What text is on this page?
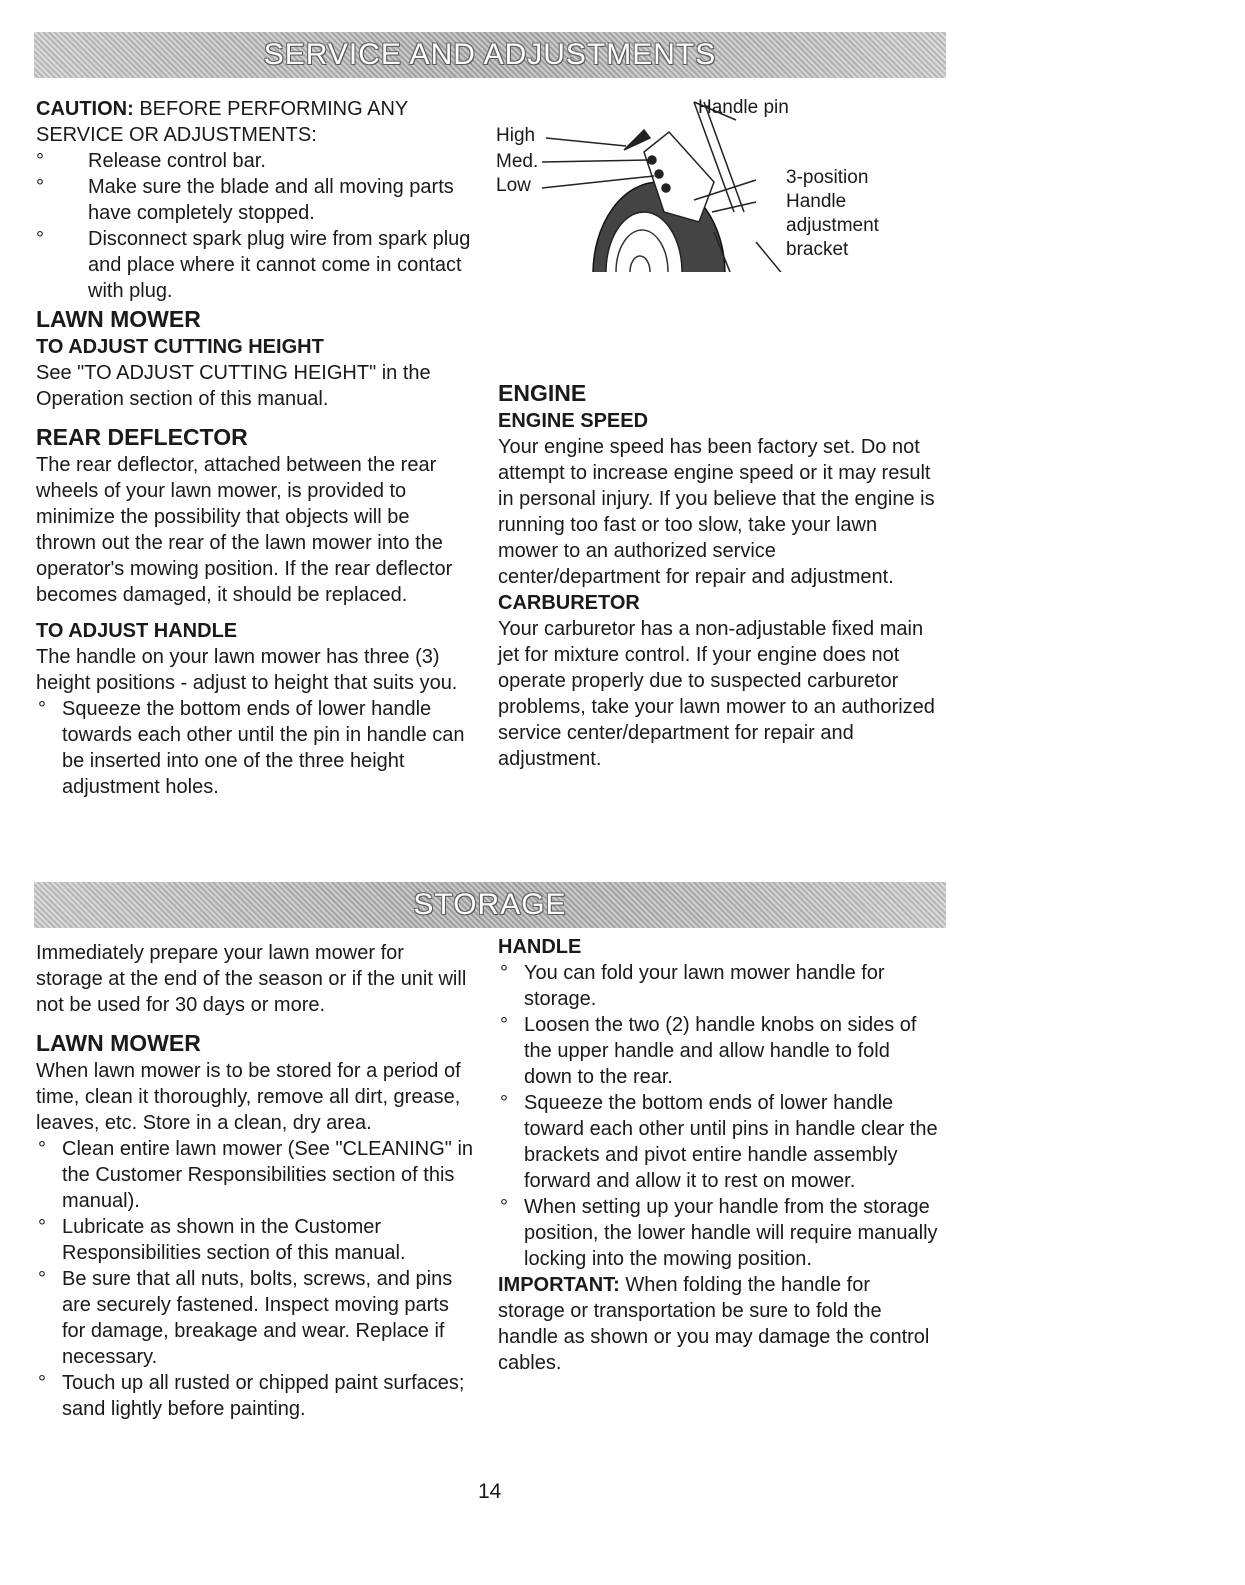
SERVICE AND ADJUSTMENTS

CAUTION: BEFORE PERFORMING ANY SERVICE OR ADJUSTMENTS:

° Release control bar.

° Make sure the blade and all moving parts have completely stopped.

° Disconnect spark plug wire from spark plug and place where it cannot come in contact with plug.

LAWN MOWER

TO ADJUST CUTTING HEIGHT

See "TO ADJUST CUTTING HEIGHT" in the Operation section of this manual.

REAR DEFLECTOR

The rear deflector, attached between the rear wheels of your lawn mower, is provided to minimize the possibility that objects will be thrown out the rear of the lawn mower into the operator's mowing position. If the rear deflector becomes damaged, it should be replaced.

TO ADJUST HANDLE

The handle on your lawn mower has three (3) height positions - adjust to height that suits you.

° Squeeze the bottom ends of lower handle towards each other until the pin in handle can be inserted into one of the three height adjustment holes.

High
Med.
Low
Handle pin
3-position
Handle
adjustment
bracket

ENGINE

ENGINE SPEED

Your engine speed has been factory set. Do not attempt to increase engine speed or it may result in personal injury. If you believe that the engine is running too fast or too slow, take your lawn mower to an authorized service center/department for repair and adjustment.

CARBURETOR

Your carburetor has a non-adjustable fixed main jet for mixture control. If your engine does not operate properly due to suspected carburetor problems, take your lawn mower to an authorized service center/department for repair and adjustment.

STORAGE

Immediately prepare your lawn mower for storage at the end of the season or if the unit will not be used for 30 days or more.

LAWN MOWER

When lawn mower is to be stored for a period of time, clean it thoroughly, remove all dirt, grease, leaves, etc. Store in a clean, dry area.

° Clean entire lawn mower (See "CLEANING" in the Customer Responsibilities section of this manual).

° Lubricate as shown in the Customer Responsibilities section of this manual.

° Be sure that all nuts, bolts, screws, and pins are securely fastened. Inspect moving parts for damage, breakage and wear. Replace if necessary.

° Touch up all rusted or chipped paint surfaces; sand lightly before painting.

HANDLE

° You can fold your lawn mower handle for storage.

° Loosen the two (2) handle knobs on sides of the upper handle and allow handle to fold down to the rear.

° Squeeze the bottom ends of lower handle toward each other until pins in handle clear the brackets and pivot entire handle assembly forward and allow it to rest on mower.

° When setting up your handle from the storage position, the lower handle will require manually locking into the mowing position.

IMPORTANT: When folding the handle for storage or transportation be sure to fold the handle as shown or you may damage the control cables.

14
